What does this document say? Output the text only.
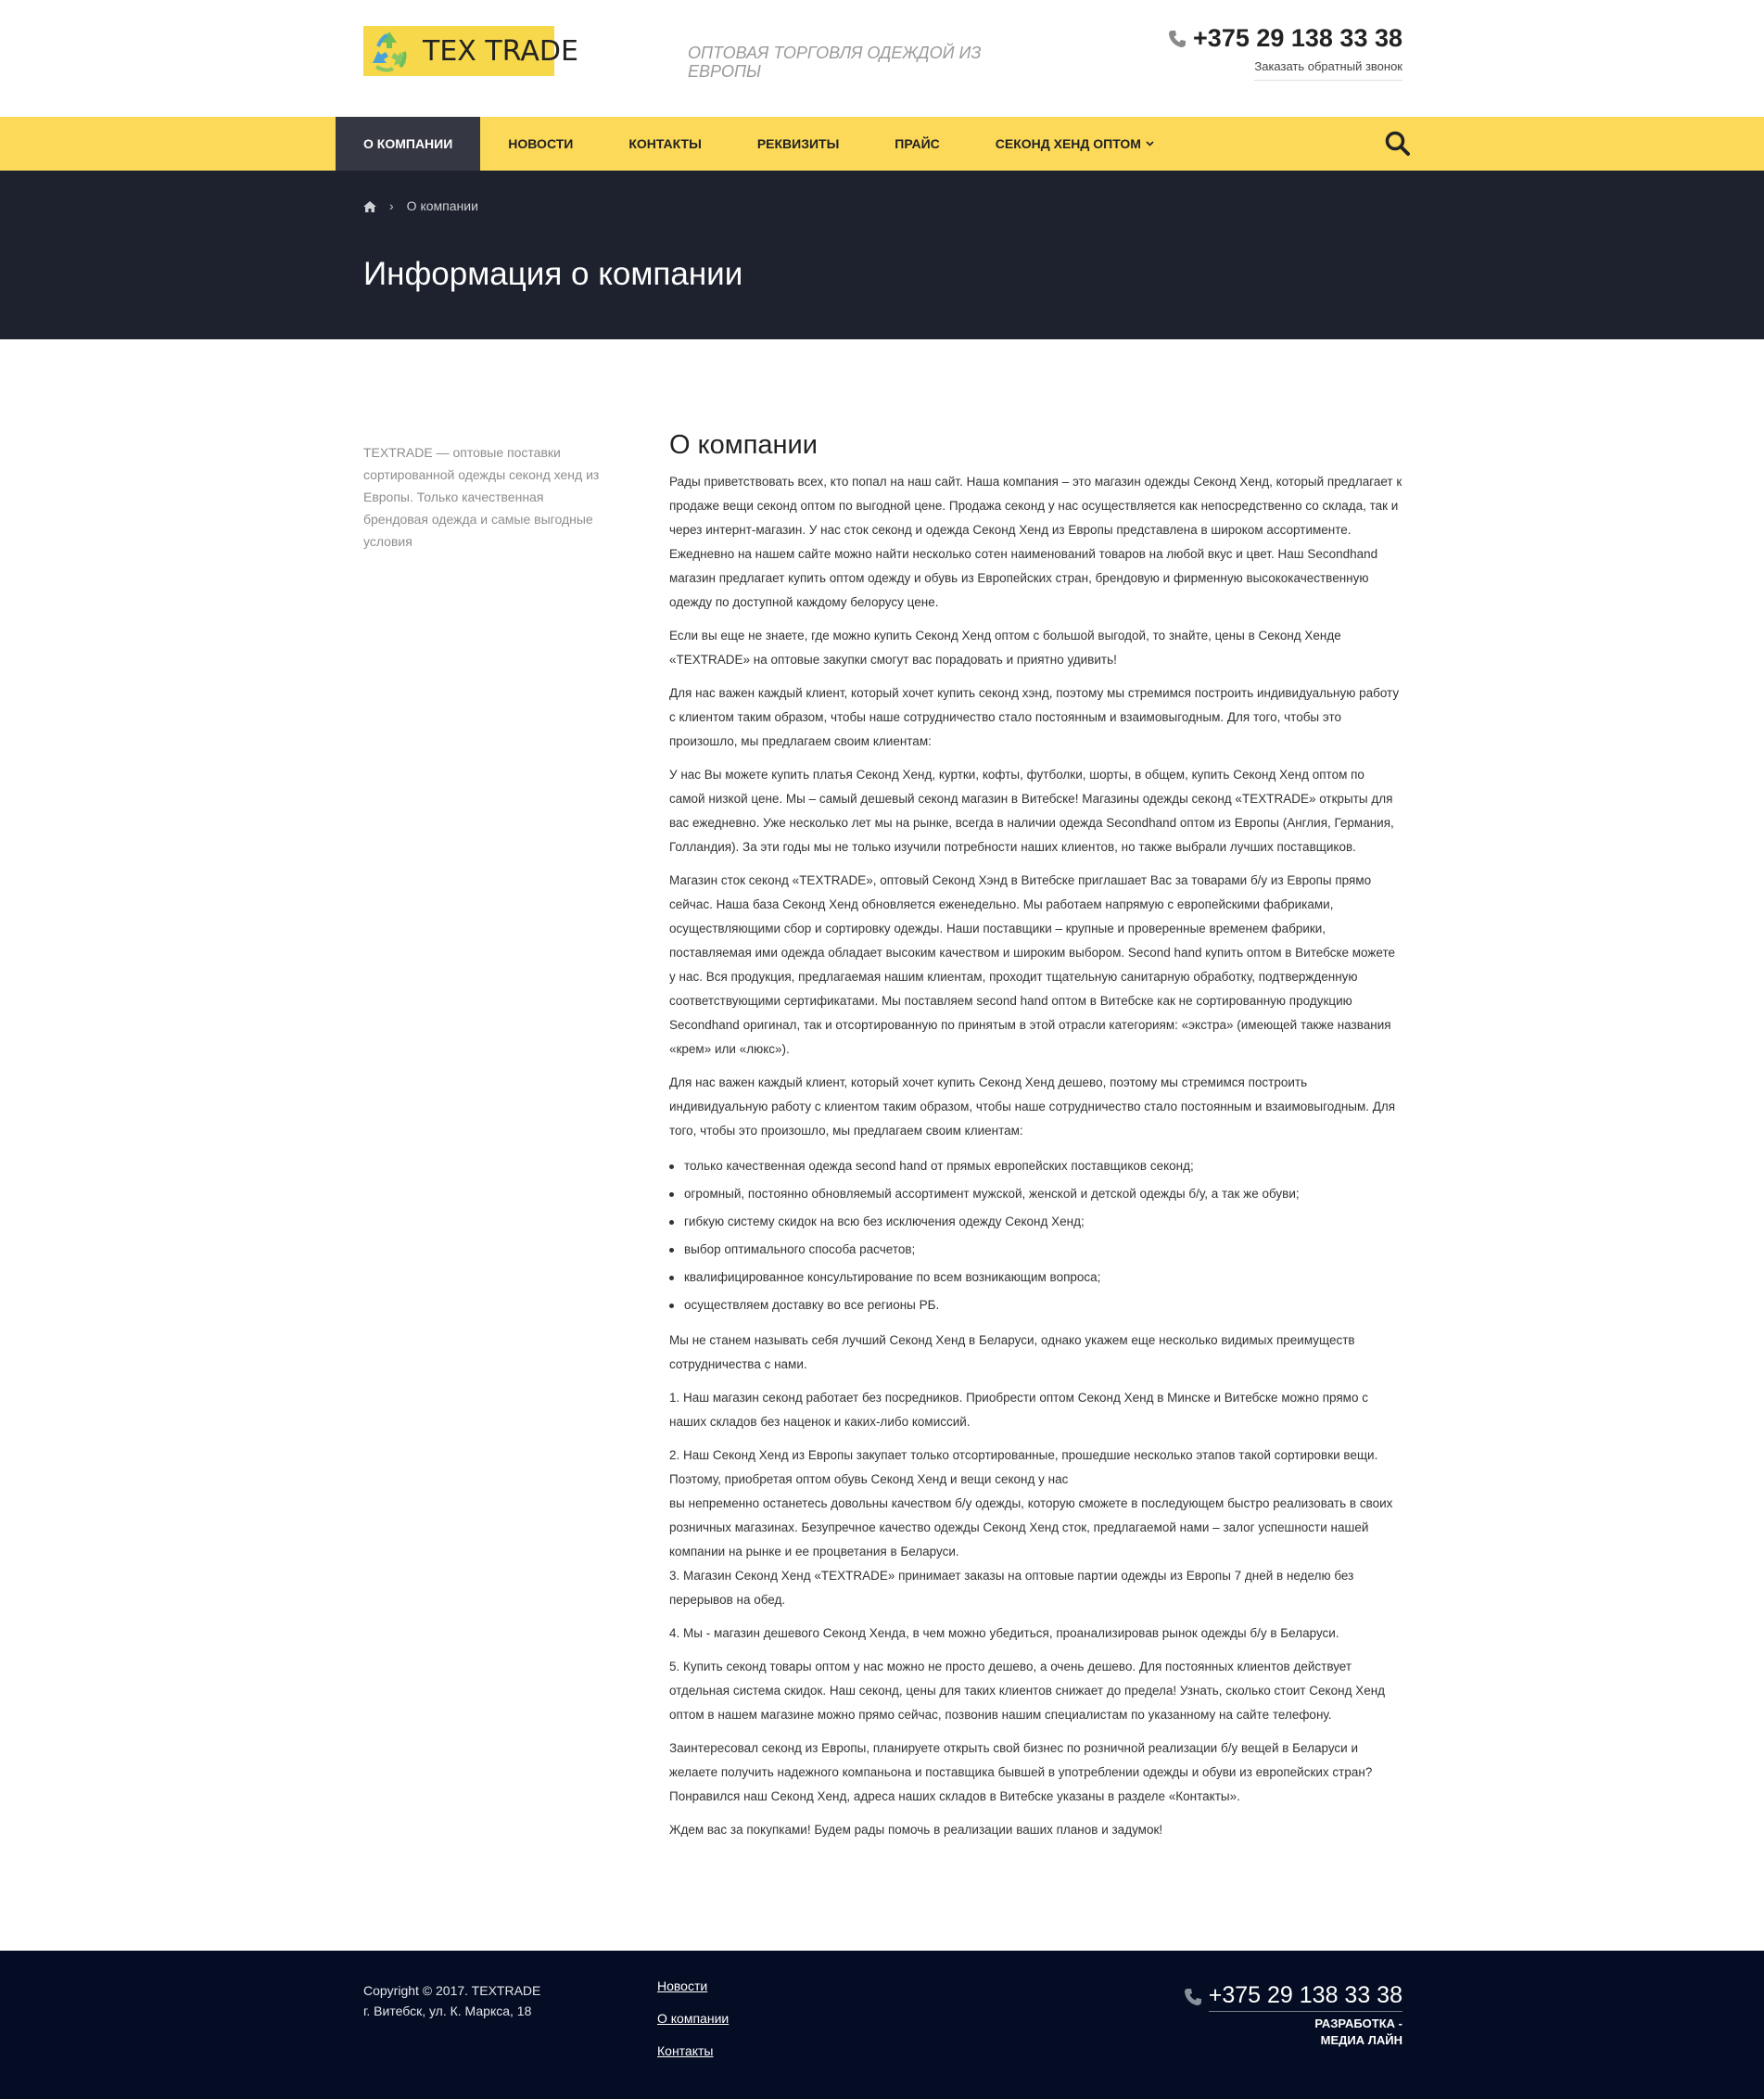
TEX TRADE	ОПТОВАЯ ТОРГОВЛЯ ОДЕЖДОЙ ИЗ ЕВРОПЫ
+375 29 138 33 38
Заказать обратный звонок
О КОМПАНИИ	НОВОСТИ	КОНТАКТЫ	РЕКВИЗИТЫ	ПРАЙС	СЕКОНД ХЕНД ОПТОМ
› О компании
Информация о компании
TEXTRADE — оптовые поставки сортированной одежды секонд хенд из Европы. Только качественная брендовая одежда и самые выгодные условия
О компании

Рады приветствовать всех, кто попал на наш сайт. Наша компания – это магазин одежды Секонд Хенд, который предлагает к продаже вещи секонд оптом по выгодной цене. Продажа секонд у нас осуществляется как непосредственно со склада, так и через интернт-магазин. У нас сток секонд и одежда Секонд Хенд из Европы представлена в широком ассортименте. Ежедневно на нашем сайте можно найти несколько сотен наименований товаров на любой вкус и цвет. Наш Secondhand магазин предлагает купить оптом одежду и обувь из Европейских стран, брендовую и фирменную высококачественную одежду по доступной каждому белорусу цене.

Если вы еще не знаете, где можно купить Секонд Хенд оптом с большой выгодой, то знайте, цены в Секонд Хенде «TEXTRADE» на оптовые закупки смогут вас порадовать и приятно удивить!

Для нас важен каждый клиент, который хочет купить секонд хэнд, поэтому мы стремимся построить индивидуальную работу с клиентом таким образом, чтобы наше сотрудничество стало постоянным и взаимовыгодным. Для того, чтобы это произошло, мы предлагаем своим клиентам:

У нас Вы можете купить платья Секонд Хенд, куртки, кофты, футболки, шорты, в общем, купить Секонд Хенд оптом по самой низкой цене. Мы – самый дешевый секонд магазин в Витебске! Магазины одежды секонд «TEXTRADE» открыты для вас ежедневно. Уже несколько лет мы на рынке, всегда в наличии одежда Secondhand оптом из Европы (Англия, Германия, Голландия). За эти годы мы не только изучили потребности наших клиентов, но также выбрали лучших поставщиков.

Магазин сток секонд «TEXTRADE», оптовый Секонд Хэнд в Витебске приглашает Вас за товарами б/у из Европы прямо сейчас. Наша база Секонд Хенд обновляется еженедельно. Мы работаем напрямую с европейскими фабриками, осуществляющими сбор и сортировку одежды. Наши поставщики – крупные и проверенные временем фабрики, поставляемая ими одежда обладает высоким качеством и широким выбором. Second hand купить оптом в Витебске можете у нас. Вся продукция, предлагаемая нашим клиентам, проходит тщательную санитарную обработку, подтвержденную соответствующими сертификатами. Мы поставляем second hand оптом в Витебске как не сортированную продукцию Secondhand оригинал, так и отсортированную по принятым в этой отрасли категориям: «экстра» (имеющей также названия «крем» или «люкс»).

Для нас важен каждый клиент, который хочет купить Секонд Хенд дешево, поэтому мы стремимся построить индивидуальную работу с клиентом таким образом, чтобы наше сотрудничество стало постоянным и взаимовыгодным. Для того, чтобы это произошло, мы предлагаем своим клиентам:

только качественная одежда second hand от прямых европейских поставщиков секонд;
огромный, постоянно обновляемый ассортимент мужской, женской и детской одежды б/у, а так же обуви;
гибкую систему скидок на всю без исключения одежду Секонд Хенд;
выбор оптимального способа расчетов;
квалифицированное консультирование по всем возникающим вопроса;
осуществляем доставку во все регионы РБ.

Мы не станем называть себя лучший Секонд Хенд в Беларуси, однако укажем еще несколько видимых преимуществ сотрудничества с нами.

1. Наш магазин секонд работает без посредников. Приобрести оптом Секонд Хенд в Минске и Витебске можно прямо с наших складов без наценок и каких-либо комиссий.

2. Наш Секонд Хенд из Европы закупает только отсортированные, прошедшие несколько этапов такой сортировки вещи. Поэтому, приобретая оптом обувь Секонд Хенд и вещи секонд у нас

вы непременно останетесь довольны качеством б/у одежды, которую сможете в последующем быстро реализовать в своих розничных магазинах. Безупречное качество одежды Секонд Хенд сток, предлагаемой нами – залог успешности нашей компании на рынке и ее процветания в Беларуси.

3. Магазин Секонд Хенд «TEXTRADE» принимает заказы на оптовые партии одежды из Европы 7 дней в неделю без перерывов на обед.

4. Мы - магазин дешевого Секонд Хенда, в чем можно убедиться, проанализировав рынок одежды б/у в Беларуси.

5. Купить секонд товары оптом у нас можно не просто дешево, а очень дешево. Для постоянных клиентов действует отдельная система скидок. Наш секонд, цены для таких клиентов снижает до предела! Узнать, сколько стоит Секонд Хенд оптом в нашем магазине можно прямо сейчас, позвонив нашим специалистам по указанному на сайте телефону.

Заинтересовал секонд из Европы, планируете открыть свой бизнес по розничной реализации б/у вещей в Беларуси и желаете получить надежного компаньона и поставщика бывшей в употреблении одежды и обуви из европейских стран? Понравился наш Секонд Хенд, адреса наших складов в Витебске указаны в разделе «Контакты».

Ждем вас за покупками! Будем рады помочь в реализации ваших планов и задумок!

Copyright © 2017. TEXTRADE
г. Витебск, ул. К. Маркса, 18
Новости
О компании
Контакты
+375 29 138 33 38
РАЗРАБОТКА -
МЕДИА ЛАЙН
